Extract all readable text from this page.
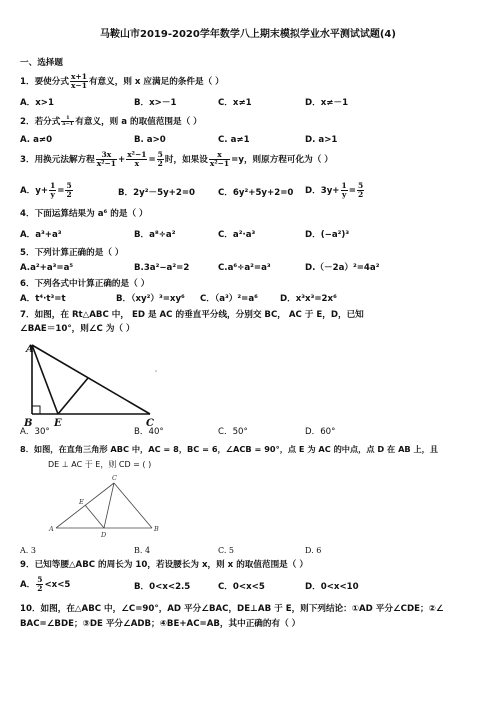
马鞍山市2019-2020学年数学八上期末模拟学业水平测试试题(4)
一、选择题
1．要使分式 $\frac{x+1}{x-1}$ 有意义，则 x 应满足的条件是（ ）
A．x>1	B．x>－1	C．x≠1	D．x≠－1
2．若分式 $\frac{1}{a-1}$ 有意义，则 a 的取值范围是（ ）
A. a≠0	B. a>0	C. a≠1	D. a>1
3．用换元法解方程 $\frac{3x}{\text{x²−1}} + \frac{\text{x²−1}}{x} = \frac{5}{2}$ 时，如果设 $\frac{x}{\text{x²−1}} =y$，则原方程可化为（ ）
A．$y+ \frac{1}{y} = \frac{5}{2}$	B．2y²－5y+2=0	C．6y²+5y+2=0 D．$3y+ \frac{1}{y} = \frac{5}{2}$
4．下面运算结果为 a⁶ 的是（ ）
A．a³+a³	B．a⁸÷a²	C．a²·a³	D．(−a²)³
5．下列计算正确的是（ ）
A.a²+a³=a⁵	B.3a²−a²=2	C.a⁶÷a²=a³	D.（－2a）²=4a²
6．下列各式中计算正确的是（ ）
A．t⁴·t³=t	B．（xy²）³=xy⁶ C．（a³）²=a⁶	D．x³x³=2x⁶
7．如图，在 Rt△ABC 中， ED 是 AC 的垂直平分线，分别交 BC， AC 于 E，D，已知
∠BAE＝10°，则∠C 为（ ）
A
B E	C
A．30°	B．40°	C．50°	D．60°
8．如图，在直角三角形 ABC 中，AC = 8，BC = 6，∠ACB = 90°，点 E 为 AC 的中点，点 D 在 AB 上，且
DE ⊥ AC 于 E，则 CD = ( )
A	B
C
D
E
A. 3	B. 4	C. 5	D. 6
9．已知等腰△ABC 的周长为 10，若设腰长为 x，则 x 的取值范围是（ ）
A． $\frac{5}{2} <x<5$	B．0<x<2.5	C．0<x<5	D．0<x<10
10．如图，在△ABC 中，∠C=90°，AD 平分∠BAC，DE⊥AB 于 E，则下列结论：①AD 平分∠CDE；②∠
BAC=∠BDE；③DE 平分∠ADB；④BE+AC=AB，其中正确的有（ ）
